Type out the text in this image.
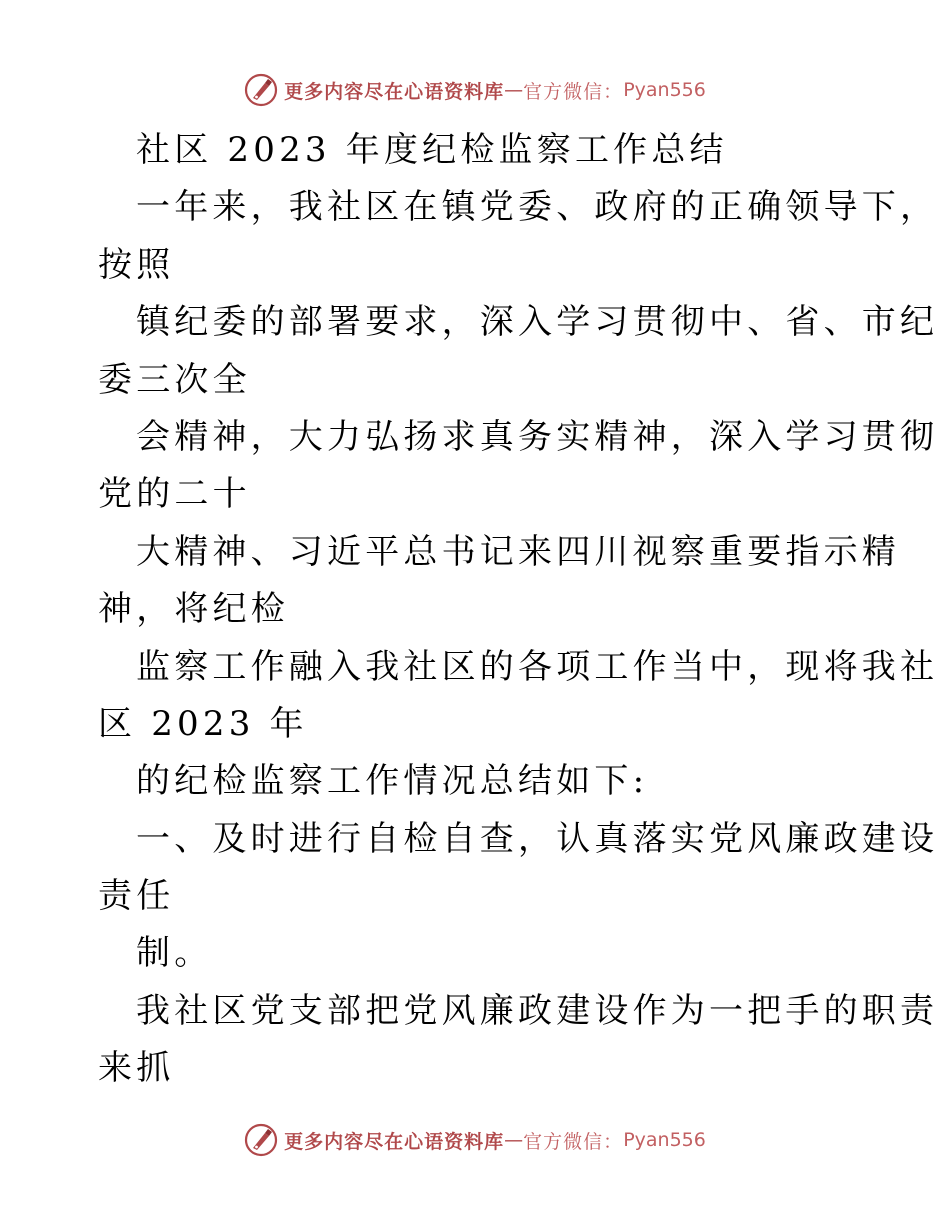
更多内容尽在心语资料库 — 官方微信： Pyan556
社区 2023 年度纪检监察工作总结
一年来，我社区在镇党委、政府的正确领导下，
按照
镇纪委的部署要求，深入学习贯彻中、省、市纪
委三次全
会精神，大力弘扬求真务实精神，深入学习贯彻
党的二十
大精神、习近平总书记来四川视察重要指示精
神，将纪检
监察工作融入我社区的各项工作当中，现将我社
区 2023 年
的纪检监察工作情况总结如下:
一、及时进行自检自查，认真落实党风廉政建设
责任
制。
我社区党支部把党风廉政建设作为一把手的职责
来抓
更多内容尽在心语资料库 — 官方微信： Pyan556
